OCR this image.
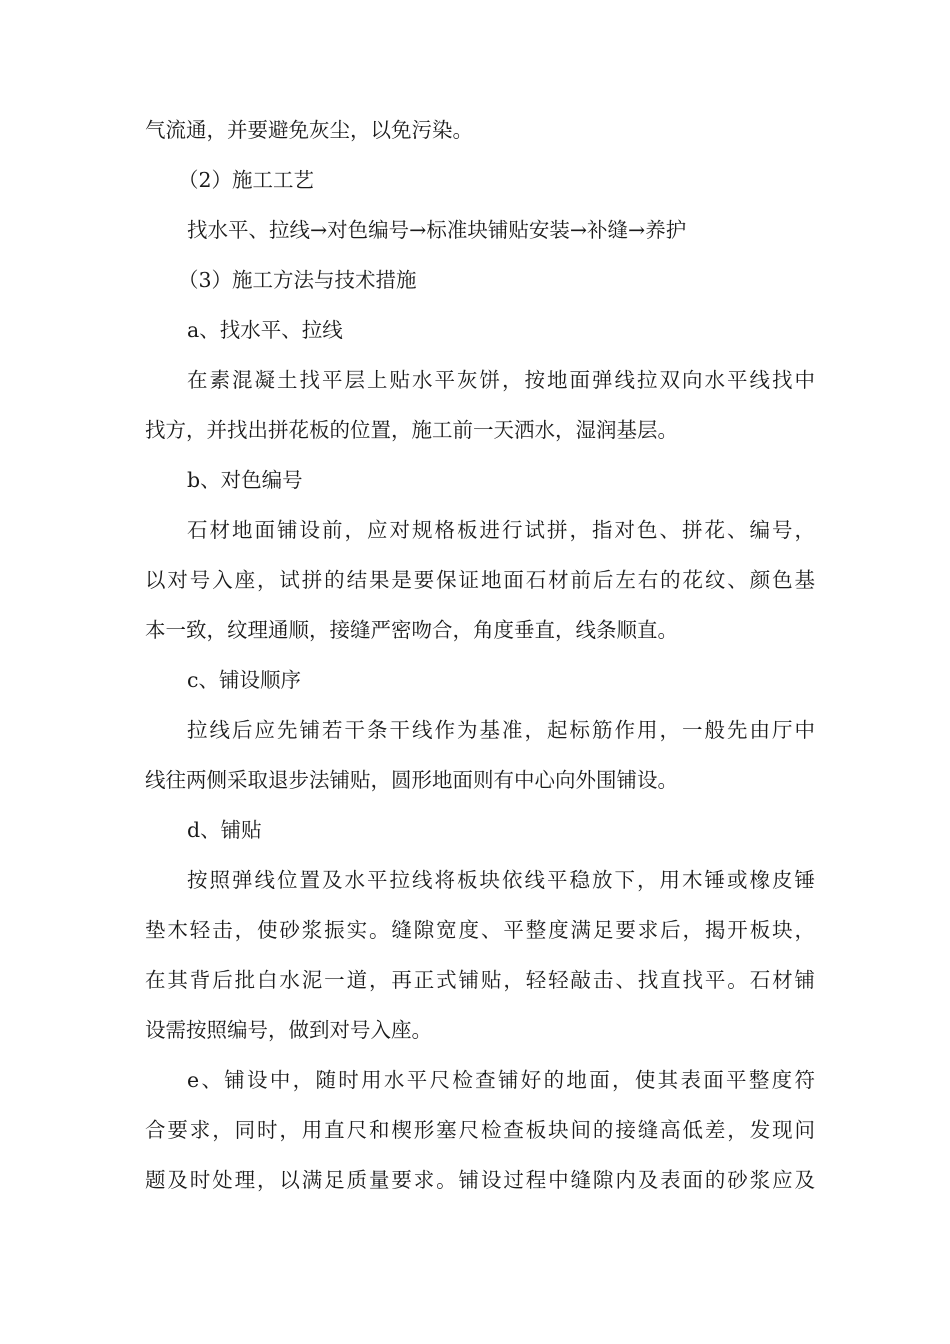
气流通，并要避免灰尘，以免污染。
（2）施工工艺
找水平、拉线→对色编号→标准块铺贴安装→补缝→养护
（3）施工方法与技术措施
a、找水平、拉线
在素混凝土找平层上贴水平灰饼，按地面弹线拉双向水平线找中
找方，并找出拼花板的位置，施工前一天洒水，湿润基层。
b、对色编号
石材地面铺设前，应对规格板进行试拼，指对色、拼花、编号，
以对号入座，试拼的结果是要保证地面石材前后左右的花纹、颜色基
本一致，纹理通顺，接缝严密吻合，角度垂直，线条顺直。
c、铺设顺序
拉线后应先铺若干条干线作为基准，起标筋作用，一般先由厅中
线往两侧采取退步法铺贴，圆形地面则有中心向外围铺设。
d、铺贴
按照弹线位置及水平拉线将板块依线平稳放下，用木锤或橡皮锤
垫木轻击，使砂浆振实。缝隙宽度、平整度满足要求后，揭开板块，
在其背后批白水泥一道，再正式铺贴，轻轻敲击、找直找平。石材铺
设需按照编号，做到对号入座。
e、铺设中，随时用水平尺检查铺好的地面，使其表面平整度符
合要求，同时，用直尺和楔形塞尺检查板块间的接缝高低差，发现问
题及时处理，以满足质量要求。铺设过程中缝隙内及表面的砂浆应及
